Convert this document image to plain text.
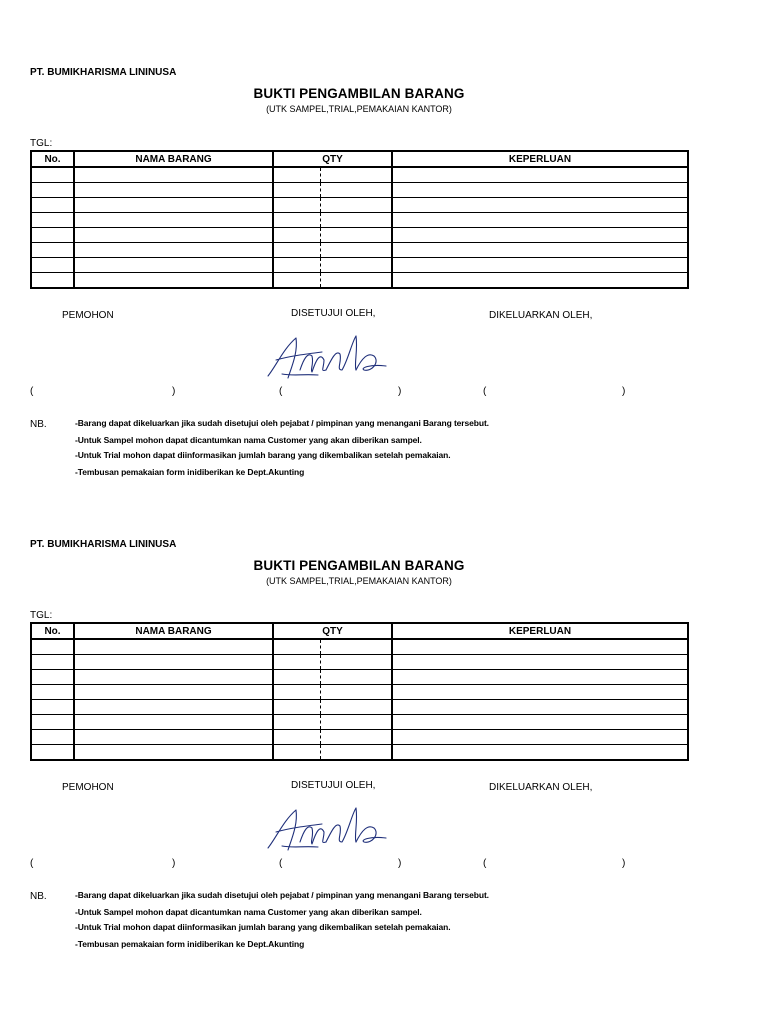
PT. BUMIKHARISMA LININUSA
BUKTI PENGAMBILAN BARANG
(UTK SAMPEL,TRIAL,PEMAKAIAN KANTOR)
TGL:
No.	NAMA BARANG	QTY	KEPERLUAN

PEMOHON	DISETUJUI OLEH,	DIKELUARKAN OLEH,
(	)	(	)	(	)
NB.	-Barang dapat dikeluarkan jika sudah disetujui oleh pejabat / pimpinan yang menangani Barang tersebut.
-Untuk Sampel mohon dapat dicantumkan nama Customer yang akan diberikan sampel.
-Untuk Trial mohon dapat diinformasikan jumlah barang yang dikembalikan setelah pemakaian.
-Tembusan pemakaian form inidiberikan ke Dept.Akunting
PT. BUMIKHARISMA LININUSA
BUKTI PENGAMBILAN BARANG
(UTK SAMPEL,TRIAL,PEMAKAIAN KANTOR)
TGL:
No.	NAMA BARANG	QTY	KEPERLUAN

PEMOHON	DISETUJUI OLEH,	DIKELUARKAN OLEH,
(	)	(	)	(	)
NB.	-Barang dapat dikeluarkan jika sudah disetujui oleh pejabat / pimpinan yang menangani Barang tersebut.
-Untuk Sampel mohon dapat dicantumkan nama Customer yang akan diberikan sampel.
-Untuk Trial mohon dapat diinformasikan jumlah barang yang dikembalikan setelah pemakaian.
-Tembusan pemakaian form inidiberikan ke Dept.Akunting
